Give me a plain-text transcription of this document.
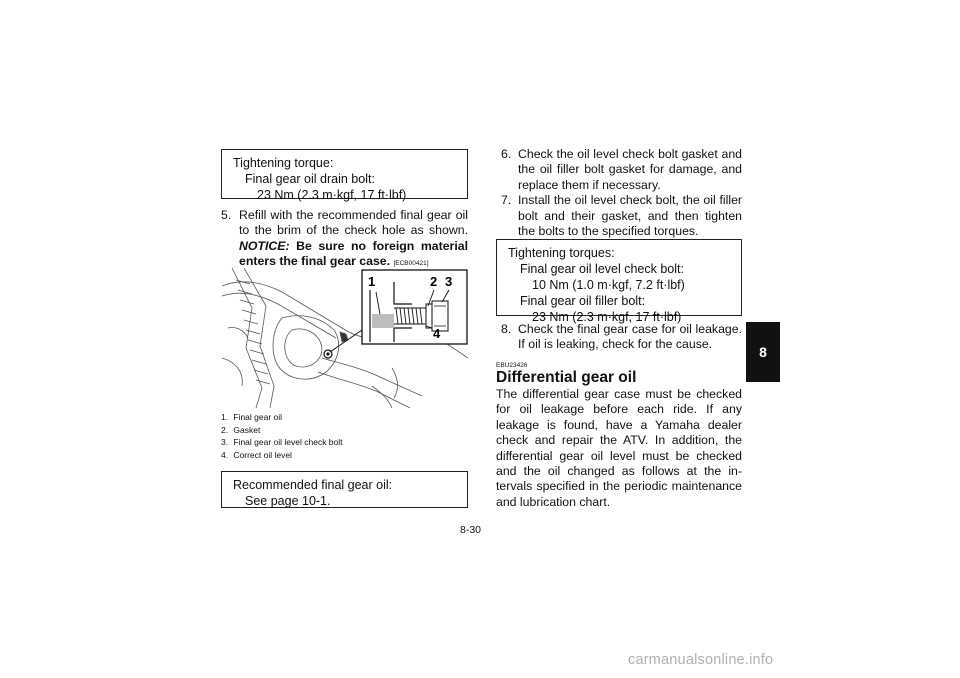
Tightening torque:
Final gear oil drain bolt:
23 Nm (2.3 m·kgf, 17 ft·lbf)
5. Refill with the recommended final gear oil to the brim of the check hole as shown. NOTICE: Be sure no foreign material enters the final gear case. [ECB00421]
1	2 3
4
1. Final gear oil
2. Gasket
3. Final gear oil level check bolt
4. Correct oil level
Recommended final gear oil:
See page 10-1.
6. Check the oil level check bolt gasket and the oil filler bolt gasket for damage, and replace them if necessary.
7. Install the oil level check bolt, the oil filler bolt and their gasket, and then tighten the bolts to the specified torques.
Tightening torques:
Final gear oil level check bolt:
10 Nm (1.0 m·kgf, 7.2 ft·lbf)
Final gear oil filler bolt:
23 Nm (2.3 m·kgf, 17 ft·lbf)
8. Check the final gear case for oil leakage. If oil is leaking, check for the cause.
EBU23426
Differential gear oil
The differential gear case must be checked for oil leakage before each ride. If any leakage is found, have a Yamaha dealer check and repair the ATV. In addition, the differential gear oil level must be checked and the oil changed as follows at the in-tervals specified in the periodic maintenance and lubrication chart.
8
8-30
carmanualsonline.info
